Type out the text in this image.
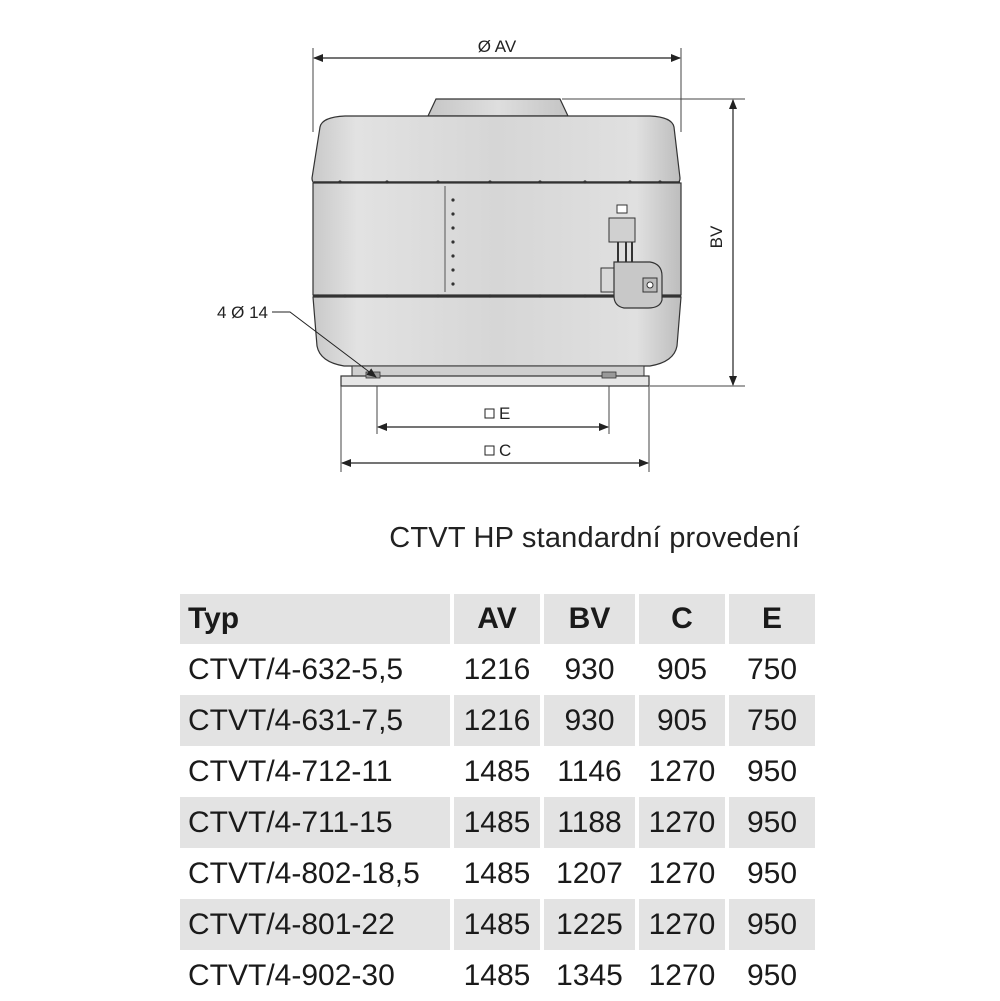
Ø AV
BV
4 Ø 14
E
C
CTVT HP standardní provedení
Typ	AV	BV	C	E
CTVT/4-632-5,5	1216	930	905	750
CTVT/4-631-7,5	1216	930	905	750
CTVT/4-712-11	1485	1146	1270	950
CTVT/4-711-15	1485	1188	1270	950
CTVT/4-802-18,5	1485	1207	1270	950
CTVT/4-801-22	1485	1225	1270	950
CTVT/4-902-30	1485	1345	1270	950
